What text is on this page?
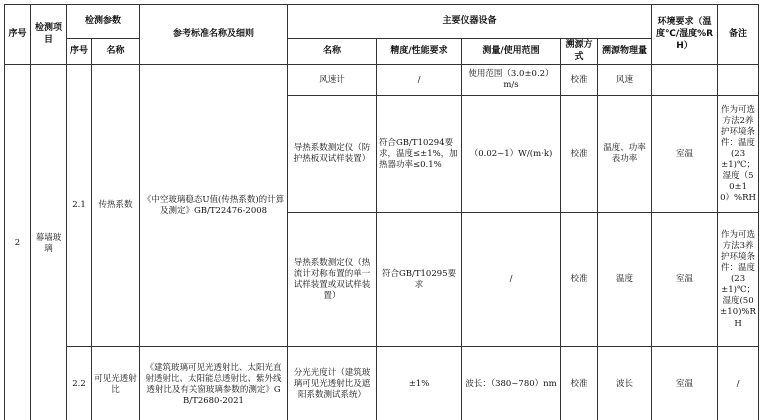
序号	检测项目	检测参数		参考标准名称及细则	主要仪器设备					环境要求（温度℃/湿度%RH）	备注
		序号	名称		名称	精度/性能要求	测量/使用范围	溯源方式	溯源物理量		
2	幕墙玻璃	2.1	传热系数	《中空玻璃稳态U值(传热系数)的计算及测定》GB/T22476-2008	风速计	/	使用范围（3.0±0.2）m/s	校准	风速		
					导热系数测定仪（防护热板双试样装置）	符合GB/T10294要求，温度≤±1%，加热器功率≤0.1%	（0.02~1）W/(m·k)	校准	温度、功率表功率	室温	作为可选方法2养护环境条件：温度(23±1)℃；湿度（50±10）%RH
					导热系数测定仪（热流计对称布置的单一试样装置或双试样装置）	符合GB/T10295要求	/	校准	温度	室温	作为可选方法3养护环境条件：温度(23±1)℃；湿度(50±10)%RH
		2.2	可见光透射比	《建筑玻璃可见光透射比、太阳光直射透射比、太阳能总透射比、紫外线透射比及有关窗玻璃参数的测定》GB/T2680-2021	分光光度计（建筑玻璃可见光透射比及遮阳系数测试系统）	±1%	波长：（380~780）nm	校准	波长	室温	/
